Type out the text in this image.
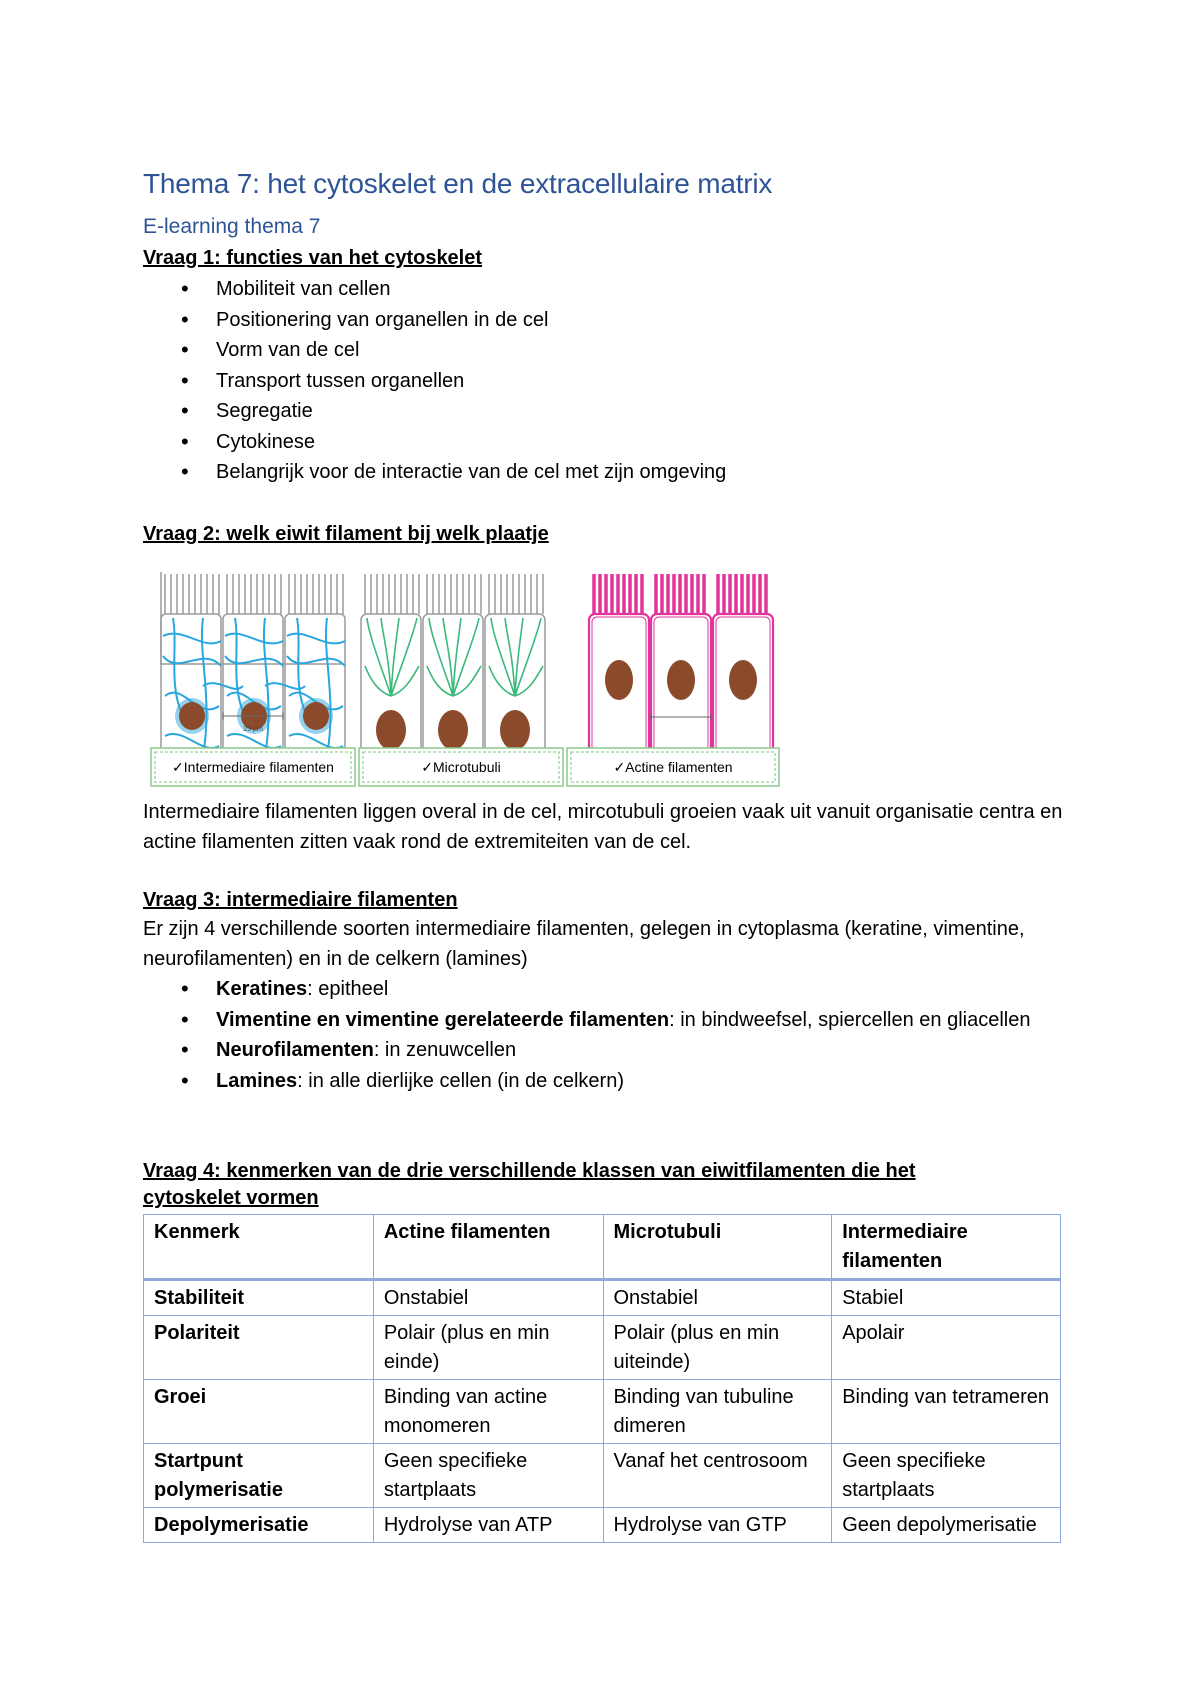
Thema 7: het cytoskelet en de extracellulaire matrix
E-learning thema 7
Vraag 1: functies van het cytoskelet
• Mobiliteit van cellen
• Positionering van organellen in de cel
• Vorm van de cel
• Transport tussen organellen
• Segregatie
• Cytokinese
• Belangrijk voor de interactie van de cel met zijn omgeving
Vraag 2: welk eiwit filament bij welk plaatje
25 µm
✓Intermediaire filamenten	✓Microtubuli	✓Actine filamenten
Intermediaire filamenten liggen overal in de cel, mircotubuli groeien vaak uit vanuit organisatie centra en actine filamenten zitten vaak rond de extremiteiten van de cel.
Vraag 3: intermediaire filamenten
Er zijn 4 verschillende soorten intermediaire filamenten, gelegen in cytoplasma (keratine, vimentine, neurofilamenten) en in de celkern (lamines)
• Keratines: epitheel
• Vimentine en vimentine gerelateerde filamenten: in bindweefsel, spiercellen en gliacellen
• Neurofilamenten: in zenuwcellen
• Lamines: in alle dierlijke cellen (in de celkern)
Vraag 4: kenmerken van de drie verschillende klassen van eiwitfilamenten die het
cytoskelet vormen
Kenmerk	Actine filamenten	Microtubuli	Intermediaire filamenten
Stabiliteit	Onstabiel	Onstabiel	Stabiel
Polariteit	Polair (plus en min einde)	Polair (plus en min uiteinde)	Apolair
Groei	Binding van actine monomeren	Binding van tubuline dimeren	Binding van tetrameren
Startpunt polymerisatie	Geen specifieke startplaats	Vanaf het centrosoom	Geen specifieke startplaats
Depolymerisatie	Hydrolyse van ATP	Hydrolyse van GTP	Geen depolymerisatie
